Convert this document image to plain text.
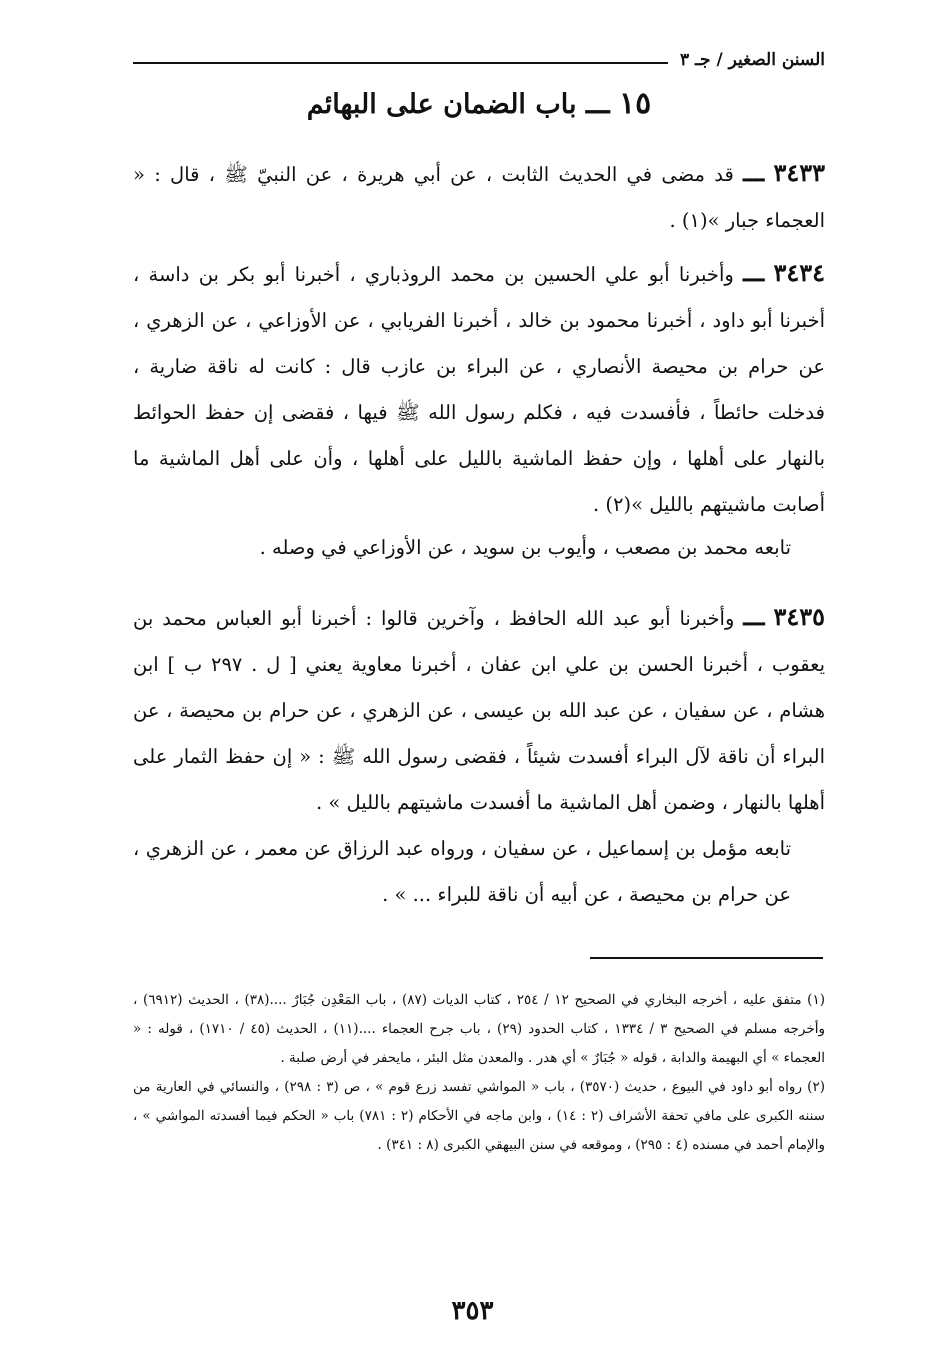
السنن الصغير / جـ ٣
١٥ ـــ باب الضمان على البهائم
٣٤٣٣ ـــ قد مضى في الحديث الثابت ، عن أبي هريرة ، عن النبيّ ﷺ ، قال : « العجماء جبار »(١) .
٣٤٣٤ ـــ وأخبرنا أبو علي الحسين بن محمد الروذباري ، أخبرنا أبو بكر بن داسة ، أخبرنا أبو داود ، أخبرنا محمود بن خالد ، أخبرنا الفريابي ، عن الأوزاعي ، عن الزهري ، عن حرام بن محيصة الأنصاري ، عن البراء بن عازب قال : كانت له ناقة ضارية ، فدخلت حائطاً ، فأفسدت فيه ، فكلم رسول الله ﷺ فيها ، فقضى إن حفظ الحوائط بالنهار على أهلها ، وإن حفظ الماشية بالليل على أهلها ، وأن على أهل الماشية ما أصابت ماشيتهم بالليل »(٢) .
تابعه محمد بن مصعب ، وأيوب بن سويد ، عن الأوزاعي في وصله .
٣٤٣٥ ـــ وأخبرنا أبو عبد الله الحافظ ، وآخرين قالوا : أخبرنا أبو العباس محمد بن يعقوب ، أخبرنا الحسن بن علي ابن عفان ، أخبرنا معاوية يعني [ ل . ٢٩٧ ب ] ابن هشام ، عن سفيان ، عن عبد الله بن عيسى ، عن الزهري ، عن حرام بن محيصة ، عن البراء أن ناقة لآل البراء أفسدت شيئاً ، فقضى رسول الله ﷺ : « إن حفظ الثمار على أهلها بالنهار ، وضمن أهل الماشية ما أفسدت ماشيتهم بالليل » .
تابعه مؤمل بن إسماعيل ، عن سفيان ، ورواه عبد الرزاق عن معمر ، عن الزهري ، عن حرام بن محيصة ، عن أبيه أن ناقة للبراء ... » .

(١) متفق عليه ، أخرجه البخاري في الصحيح ١٢ / ٢٥٤ ، كتاب الديات (٨٧) ، باب المَعْدِن جُبَارٌ ....(٣٨) ، الحديث (٦٩١٢) ، وأخرجه مسلم في الصحيح ٣ / ١٣٣٤ ، كتاب الحدود (٢٩) ، باب جرح العجماء ....(١١) ، الحديث (٤٥ / ١٧١٠) ، قوله : « العجماء » أي البهيمة والدابة ، قوله « جُبَارٌ » أي هدر . والمعدن مثل البئر ، مايحفر في أرض صلبة .

(٢) رواه أبو داود في البيوع ، حديث (٣٥٧٠) ، باب « المواشي تفسد زرع قوم » ، ص (٣ : ٢٩٨) ، والنسائي في العارية من سننه الكبرى على مافي تحفة الأشراف (٢ : ١٤) ، وابن ماجه في الأحكام (٢ : ٧٨١) باب « الحكم فيما أفسدته المواشي » ، والإمام أحمد في مسنده (٤ : ٢٩٥) ، وموقعه في سنن البيهقي الكبرى (٨ : ٣٤١) .

٣٥٣
